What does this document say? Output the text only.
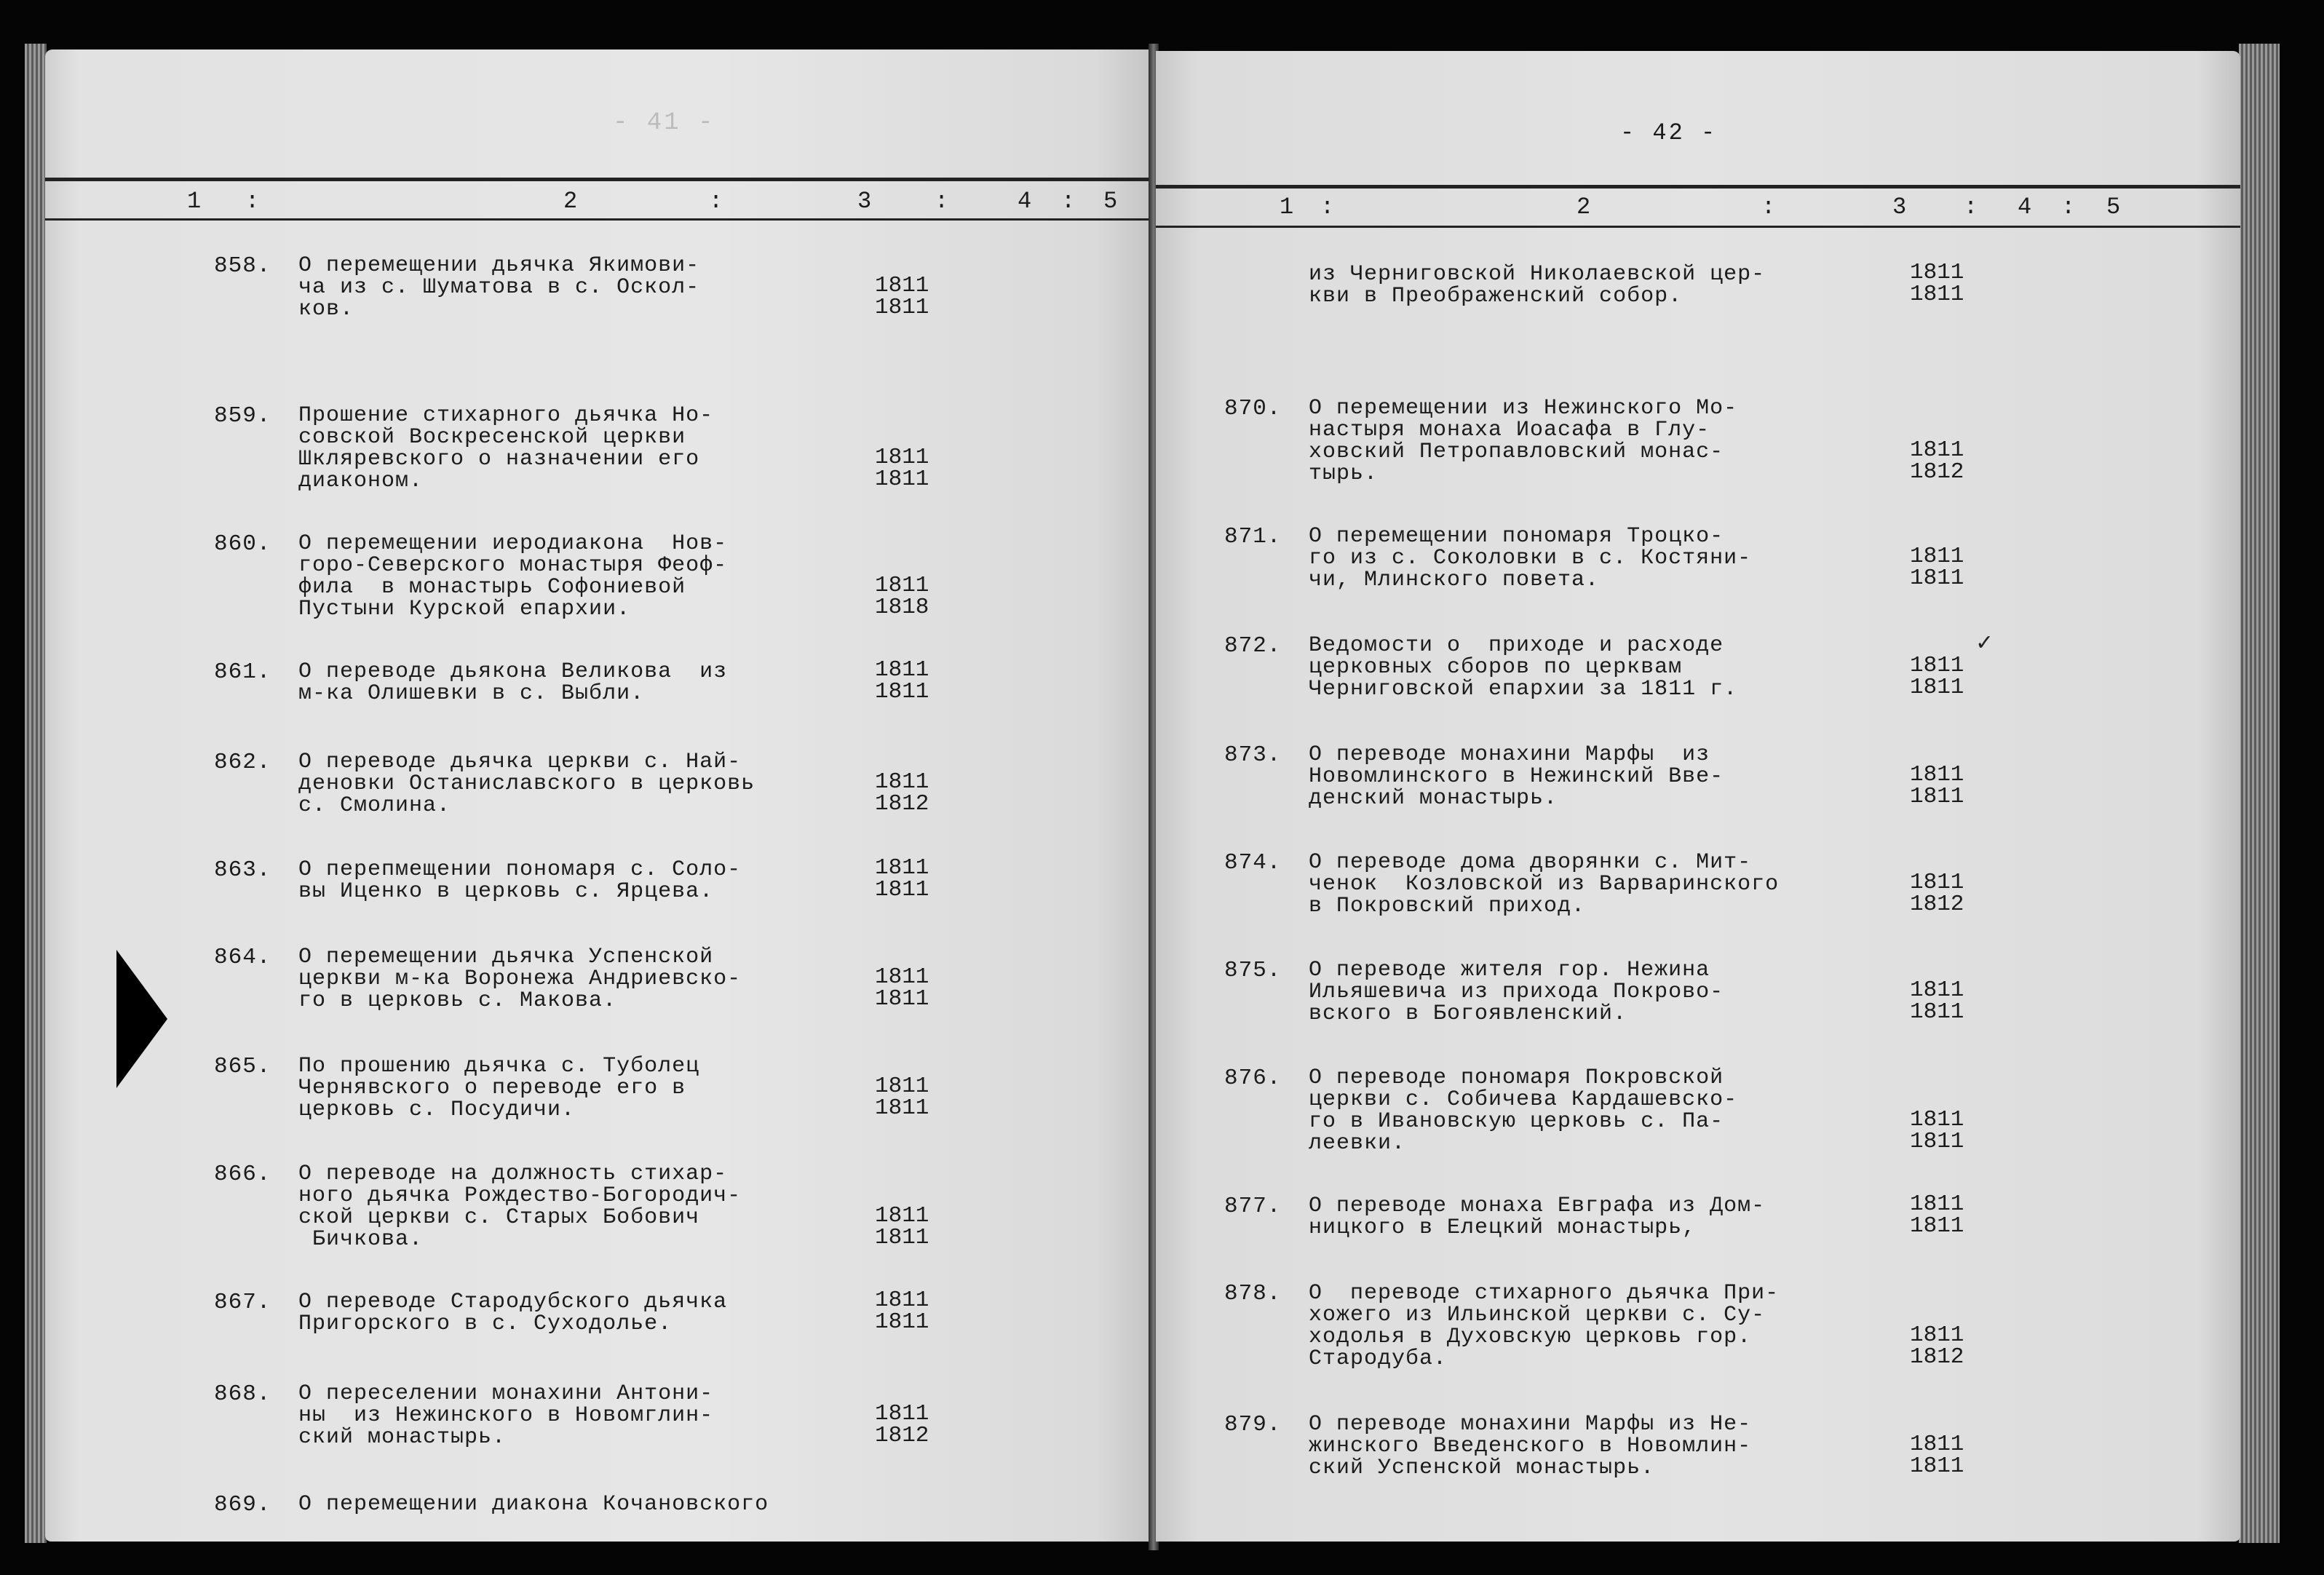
- 41 -
1 :	2	:	3	:	4 : 5
858. О перемещении дьячка Якимови-
ча из с. Шуматова в с. Оскол-
ков.
1811
1811
859. Прошение стихарного дьячка Но-
совской Воскресенской церкви
Шклярeвского о назначении его
диаконом.
1811
1811
860. О перемещении иеродиакона  Нов-
горо-Северского монастыря Феоф-
фила  в монастырь Софониевой
Пустыни Курской епархии.
1811
1818
861. О переводе дьякона Великова  из
м-ка Олишевки в с. Выбли.
1811
1811
862. О переводе дьячка церкви с. Най-
деновки Останиславского в церковь
с. Смолина.
1811
1812
863. О перепмещении пономаря с. Соло-
вы Иценко в церковь с. Ярцева.
1811
1811
864. О перемещении дьячка Успенской
церкви м-ка Воронежа Андриевско-
го в церковь с. Макова.
1811
1811
865. По прошению дьячка с. Туболец
Чернявского о переводе его в
церковь с. Посудичи.
1811
1811
866. О переводе на должность стихар-
ного дьячка Рождество-Богородич-
ской церкви с. Старых Бобович
Бичкова.
1811
1811
867. О переводе Стародубского дьячка
Пригорского в с. Суходолье.
1811
1811
868. О переселении монахини Антони-
ны  из Нежинского в Новомглин-
ский монастырь.
1811
1812
869. О перемещении диакона Кочановского
- 42 -
1 :	2	:	3 : 4 : 5
из Черниговской Николаевской цер-
кви в Преображенский собор.
1811
1811
870. О перемещении из Нежинского Мо-
настыря монаха Иоасафа в Глу-
ховский Петропавловский монас-
тырь.
1811
1812
871. О перемещении пономаря Троцко-
го из с. Соколовки в с. Костяни-
чи, Млинского повета.
1811
1811
872. Ведомости о  приходе и расходе
церковных сборов по церквам
Черниговской епархии за 1811 г.
1811
1811
✓
873. О переводе монахини Марфы  из
Новомлинского в Нежинский Вве-
денский монастырь.
1811
1811
874. О переводе дома дворянки с. Мит-
ченок  Козловской из Варваринского
в Покровский приход.
1811
1812
875. О переводе жителя гор. Нежина
Ильяшевича из прихода Покрово-
вского в Богоявленский.
1811
1811
876. О переводе пономаря Покровской
церкви с. Собичева Кардашевско-
го в Ивановскую церковь с. Па-
леевки.
1811
1811
877. О переводе монаха Евграфа из Дом-
ницкого в Елецкий монастырь,
1811
1811
878. О  переводе стихарного дьячка При-
хожего из Ильинской церкви с. Су-
ходолья в Духовскую церковь гор.
Стародуба.
1811
1812
879. О переводе монахини Марфы из Не-
жинского Введенского в Новомлин-
ский Успенской монастырь.
1811
1811
